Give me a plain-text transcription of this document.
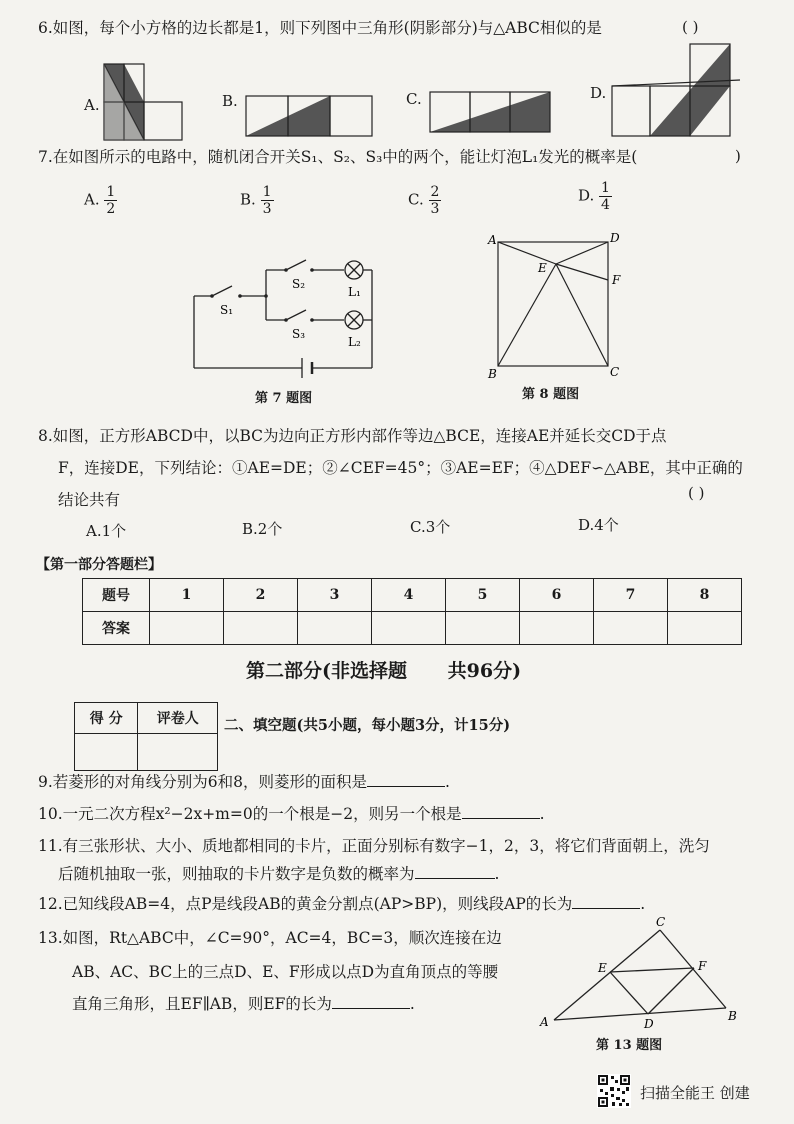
6.如图，每个小方格的边长都是1，则下列图中三角形(阴影部分)与△ABC相似的是	( )
A.	B.	C.	D.
7.在如图所示的电路中，随机闭合开关S₁、S₂、S₃中的两个，能让灯泡L₁发光的概率是(	)
A. $\frac{1}{2}$	B. $\frac{1}{3}$	C. $\frac{2}{3}$	D. $\frac{1}{4}$
S₁
S₂
S₃
L₁
L₂
第 7 题图
A	D
E
F
B	C
第 8 题图
8.如图，正方形ABCD中，以BC为边向正方形内部作等边△BCE，连接AE并延长交CD于点
F，连接DE，下列结论：①AE=DE；②∠CEF=45°；③AE=EF；④△DEF∽△ABE，其中正确的
结论共有	( )
A.1个	B.2个	C.3个	D.4个
【第一部分答题栏】
题号	1	2	3	4	5	6	7	8
答案								
第二部分(非选择题 共96分)
得 分	评卷人
	二、填空题(共5小题，每小题3分，计15分)
9.若菱形的对角线分别为6和8，则菱形的面积是	.
10.一元二次方程x²−2x+m=0的一个根是−2，则另一个根是	.
11.有三张形状、大小、质地都相同的卡片，正面分别标有数字−1，2，3，将它们背面朝上，洗匀
后随机抽取一张，则抽取的卡片数字是负数的概率为	.
12.已知线段AB=4，点P是线段AB的黄金分割点(AP>BP)，则线段AP的长为	.
13.如图，Rt△ABC中，∠C=90°，AC=4，BC=3，顺次连接在边
AB、AC、BC上的三点D、E、F形成以点D为直角顶点的等腰
直角三角形，且EF∥AB，则EF的长为	.
C
E	F
A	D
B
第 13 题图
扫描全能王 创建
